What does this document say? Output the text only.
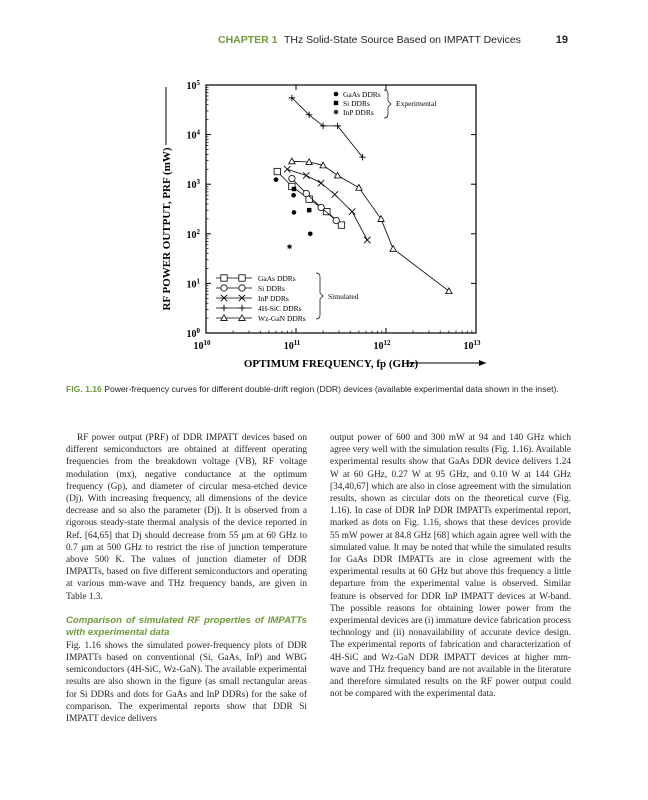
CHAPTER 1 THz Solid-State Source Based on IMPATT Devices	19
$10^{10}$	$10^{11}$	$10^{12}$	$10^{13}$
$10^0$
$10^1$
$10^2$
$10^3$
$10^4$
$10^5$
OPTIMUM FREQUENCY, fp (GHz)
RF POWER OUTPUT, PRF (mW)
GaAs DDRs
Si DDRs
InP DDRs
Experimental
GaAs DDRs
Si DDRs
InP DDRs
4H-SiC DDRs
Wz-GaN DDRs
Simulated
FIG. 1.16 Power-frequency curves for different double-drift region (DDR) devices (available experimental data shown in the inset).

RF power output (PRF) of DDR IMPATT devices based on different semiconductors are obtained at different operating frequencies from the breakdown voltage (VB), RF voltage modulation (mx), negative conductance at the optimum frequency (Gp), and diameter of circular mesa-etched device (Dj). With increasing frequency, all dimensions of the device decrease and so also the parameter (Dj). It is observed from a rigorous steady-state thermal analysis of the device reported in Ref. [64,65] that Dj should decrease from 55 μm at 60 GHz to 0.7 μm at 500 GHz to restrict the rise of junction temperature above 500 K. The values of junction diameter of DDR IMPATTs, based on five different semiconductors and operating at various mm-wave and THz frequency bands, are given in Table 1.3.

Comparison of simulated RF properties of IMPATTs with experimental data

Fig. 1.16 shows the simulated power-frequency plots of DDR IMPATTs based on conventional (Si, GaAs, InP) and WBG semiconductors (4H-SiC, Wz-GaN). The available experimental results are also shown in the figure (as small rectangular areas for Si DDRs and dots for GaAs and InP DDRs) for the sake of comparison. The experimental reports show that DDR Si IMPATT device delivers

output power of 600 and 300 mW at 94 and 140 GHz which agree very well with the simulation results (Fig. 1.16). Available experimental results show that GaAs DDR device delivers 1.24 W at 60 GHz, 0.27 W at 95 GHz, and 0.10 W at 144 GHz [34,40,67] which are also in close agreement with the simulation results, shown as circular dots on the theoretical curve (Fig. 1.16). In case of DDR InP DDR IMPATTs experimental report, marked as dots on Fig. 1.16, shows that these devices provide 55 mW power at 84.8 GHz [68] which again agree well with the simulated value. It may be noted that while the simulated results for GaAs DDR IMPATTs are in close agreement with the experimental results at 60 GHz but above this frequency a little departure from the experimental value is observed. Similar feature is observed for DDR InP IMPATT devices at W-band. The possible reasons for obtaining lower power from the experimental devices are (i) immature device fabrication process technology and (ii) nonavailability of accurate device design. The experimental reports of fabrication and characterization of 4H-SiC and Wz-GaN DDR IMPATT devices at higher mm-wave and THz frequency band are not available in the literature and therefore simulated results on the RF power output could not be compared with the experimental data.
